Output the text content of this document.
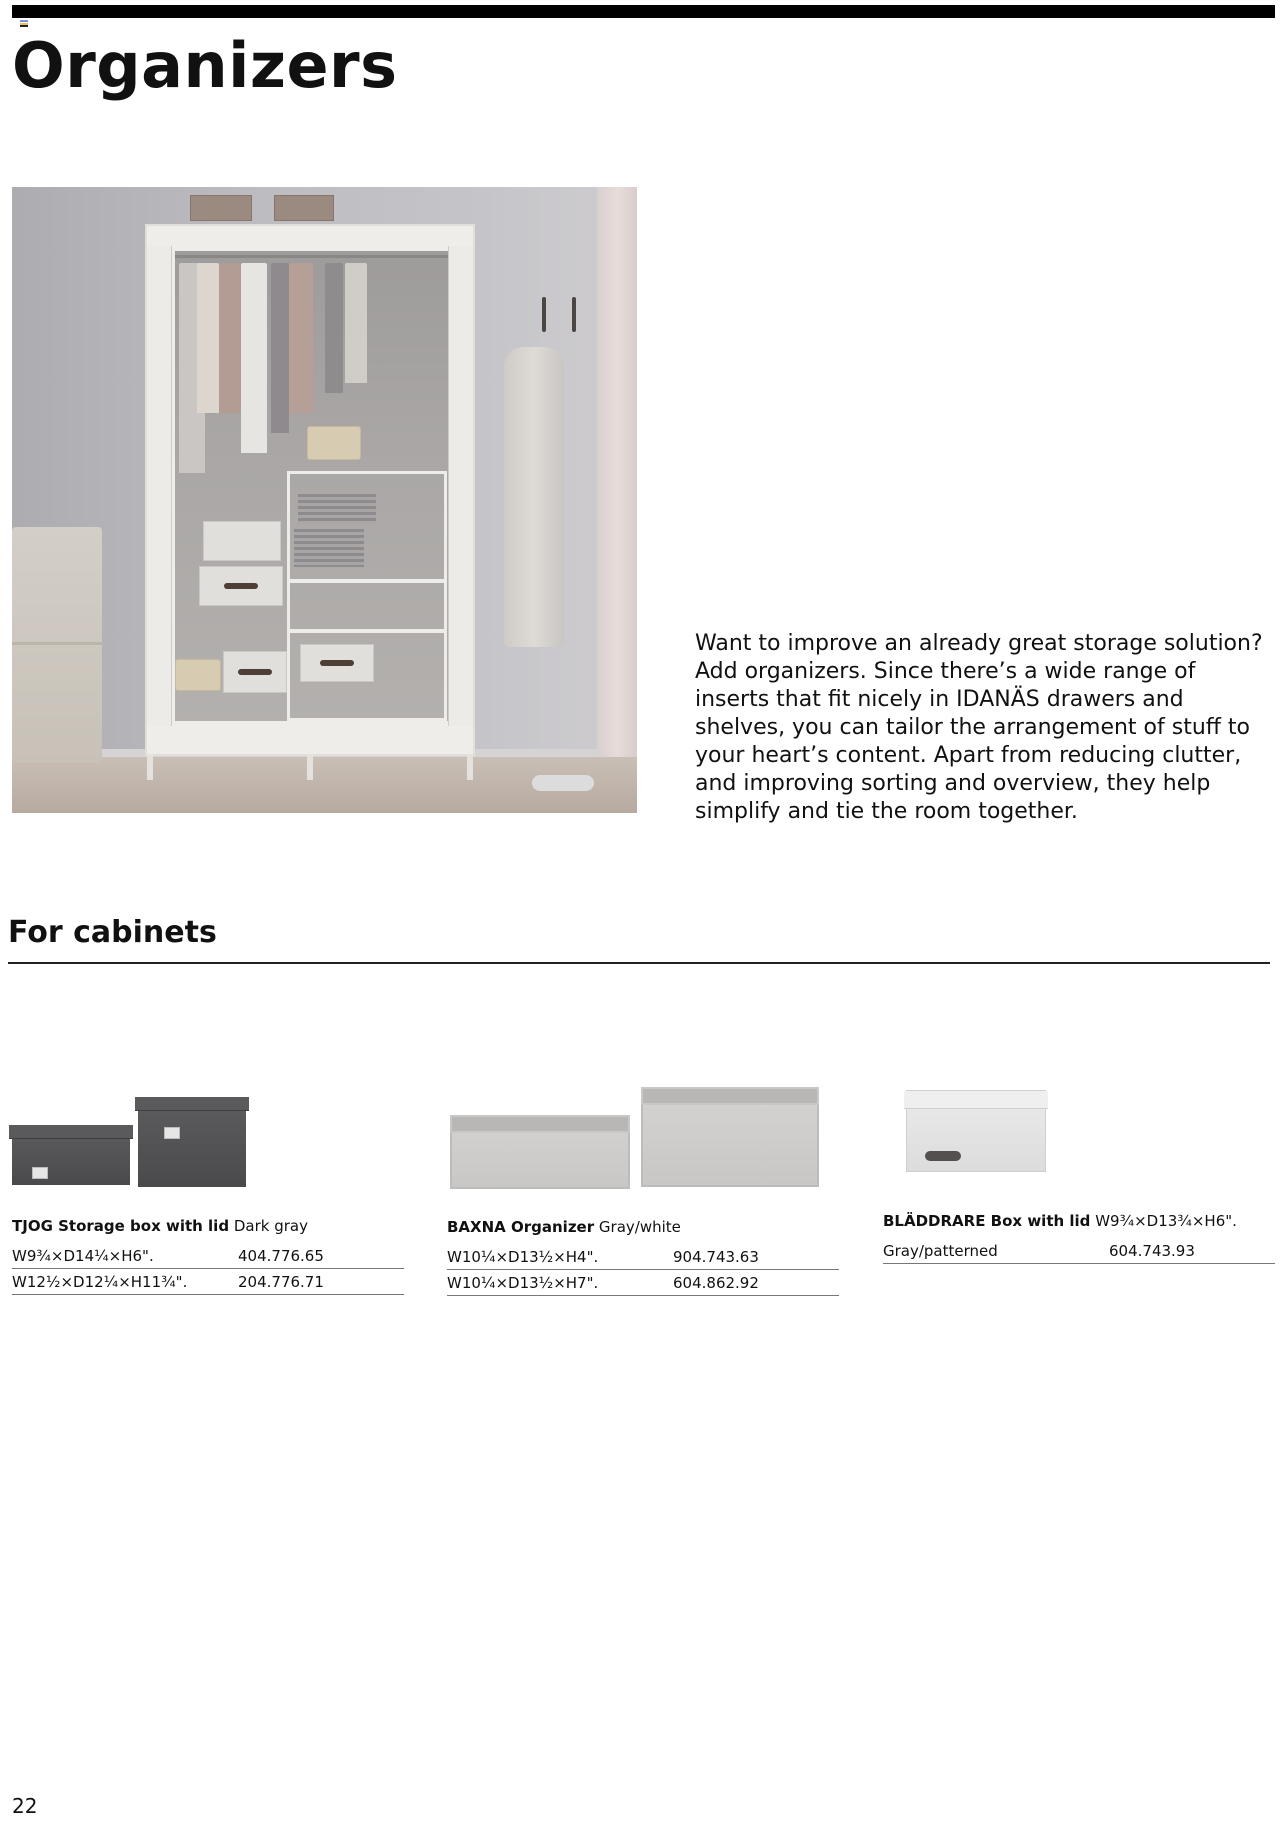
Organizers

Want to improve an already great storage solution? Add organizers. Since there’s a wide range of inserts that fit nicely in IDANÄS drawers and shelves, you can tailor the arrangement of stuff to your heart’s content. Apart from reducing clutter, and improving sorting and overview, they help simplify and tie the room together.

For cabinets
TJOG Storage box with lid Dark gray
W9¾×D14¼×H6".	404.776.65
W12½×D12¼×H11¾".	204.776.71
BAXNA Organizer Gray/white
W10¼×D13½×H4".	904.743.63
W10¼×D13½×H7".	604.862.92
BLÄDDRARE Box with lid W9¾×D13¾×H6".
Gray/patterned	604.743.93
22
